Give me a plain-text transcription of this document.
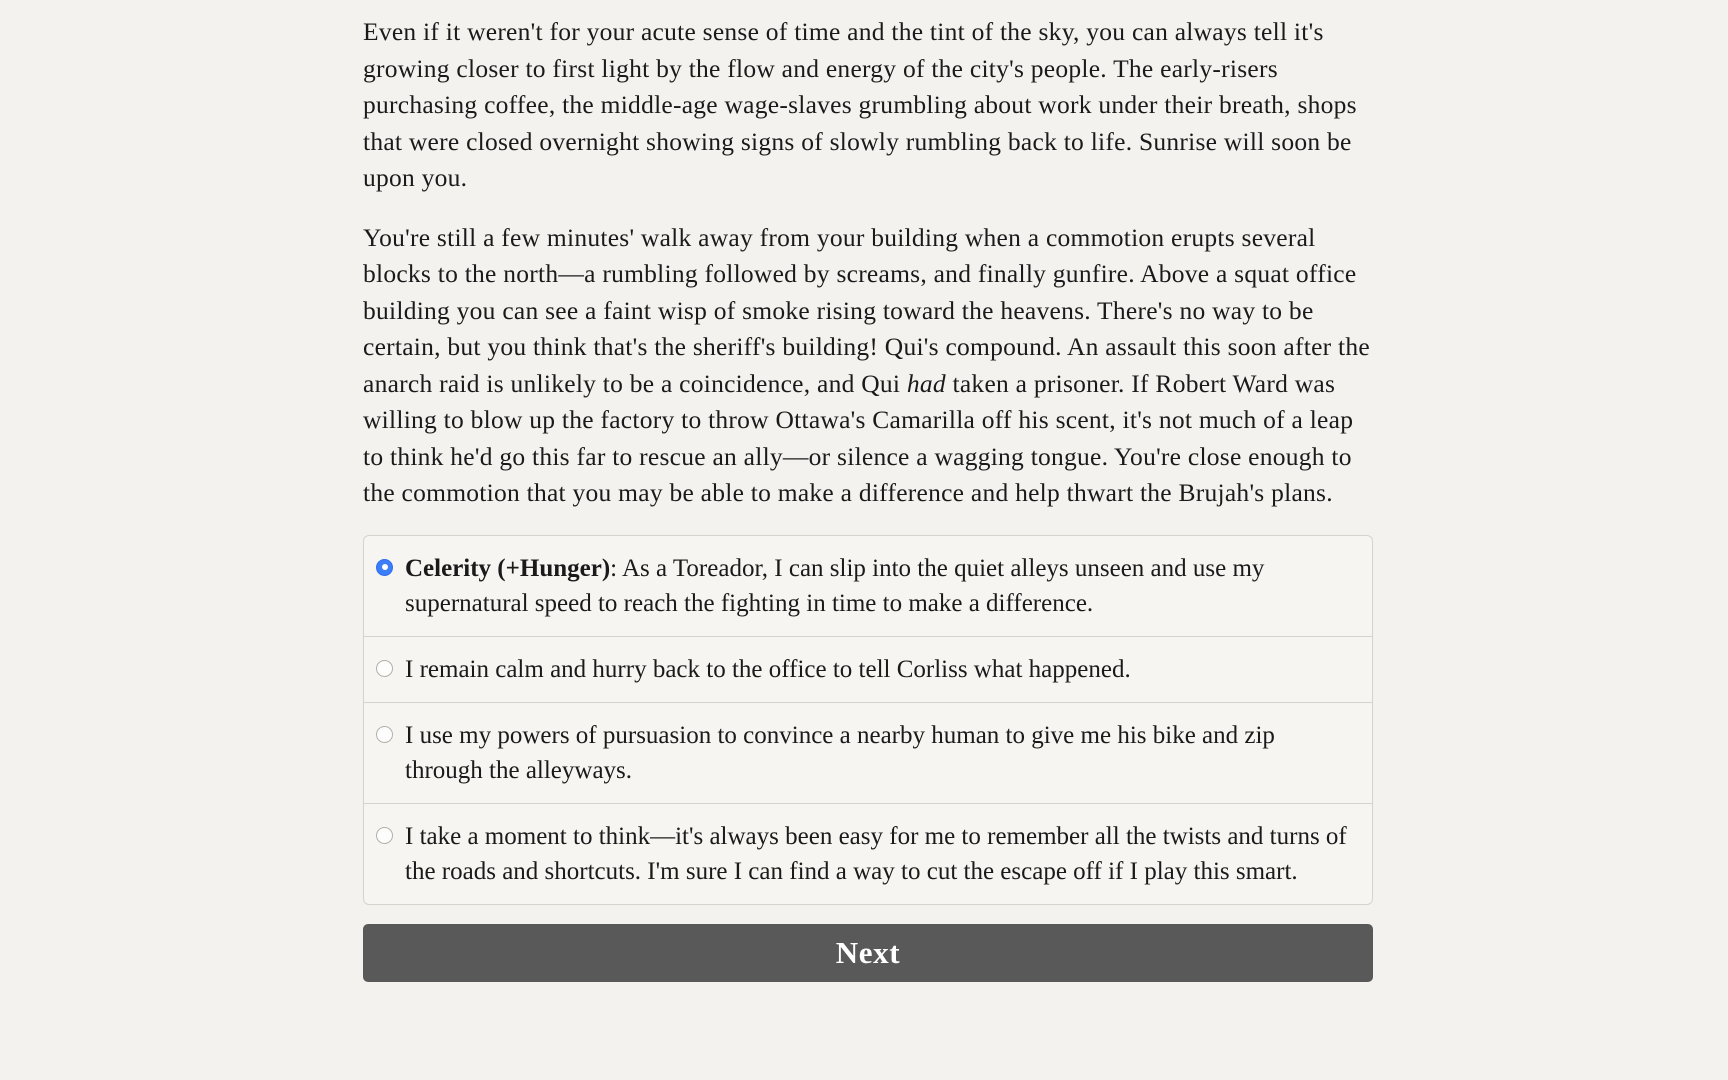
Even if it weren't for your acute sense of time and the tint of the sky, you can always tell it's growing closer to first light by the flow and energy of the city's people. The early-risers purchasing coffee, the middle-age wage-slaves grumbling about work under their breath, shops that were closed overnight showing signs of slowly rumbling back to life. Sunrise will soon be upon you.

You're still a few minutes' walk away from your building when a commotion erupts several blocks to the north—a rumbling followed by screams, and finally gunfire. Above a squat office building you can see a faint wisp of smoke rising toward the heavens. There's no way to be certain, but you think that's the sheriff's building! Qui's compound. An assault this soon after the anarch raid is unlikely to be a coincidence, and Qui had taken a prisoner. If Robert Ward was willing to blow up the factory to throw Ottawa's Camarilla off his scent, it's not much of a leap to think he'd go this far to rescue an ally—or silence a wagging tongue. You're close enough to the commotion that you may be able to make a difference and help thwart the Brujah's plans.

Celerity (+Hunger): As a Toreador, I can slip into the quiet alleys unseen and use my supernatural speed to reach the fighting in time to make a difference.
I remain calm and hurry back to the office to tell Corliss what happened.
I use my powers of pursuasion to convince a nearby human to give me his bike and zip through the alleyways.
I take a moment to think—it's always been easy for me to remember all the twists and turns of the roads and shortcuts. I'm sure I can find a way to cut the escape off if I play this smart.
Next
